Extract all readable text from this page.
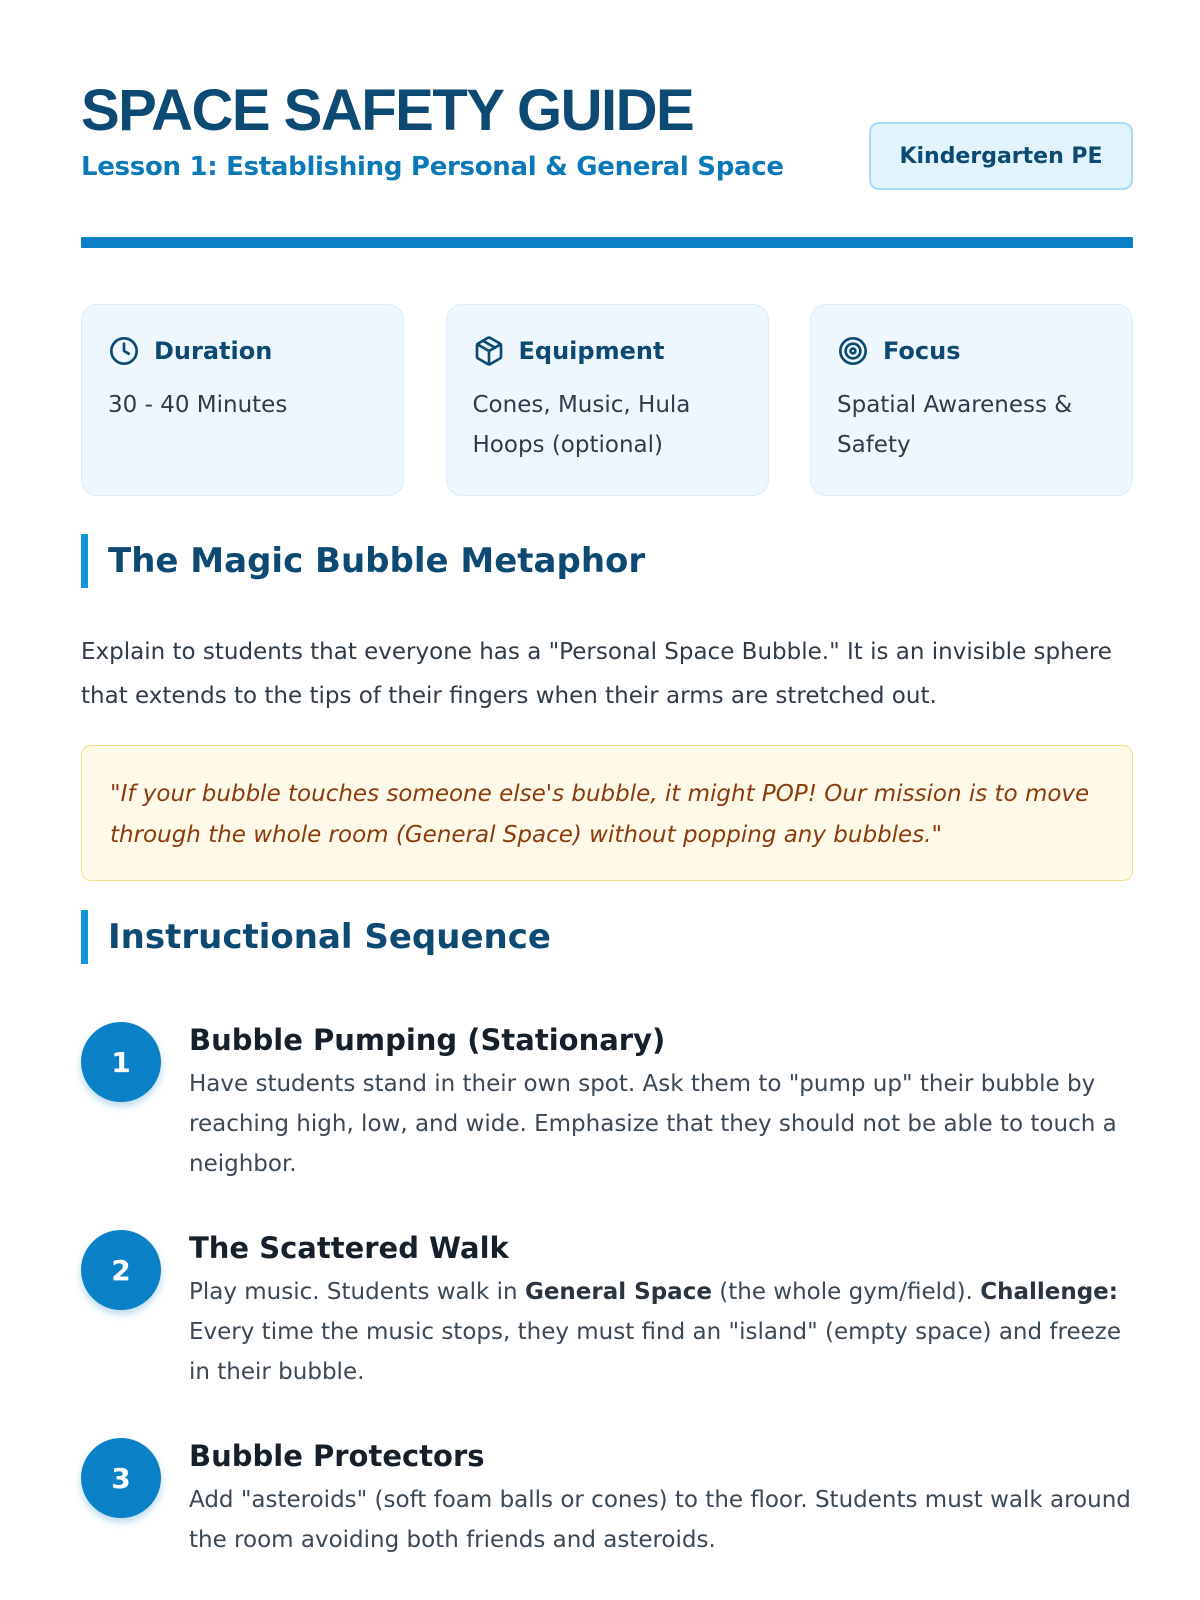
SPACE SAFETY GUIDE

Lesson 1: Establishing Personal & General Space	Kindergarten PE
Duration
30 - 40 Minutes
Equipment
Cones, Music, Hula Hoops (optional)
Focus
Spatial Awareness & Safety
The Magic Bubble Metaphor

Explain to students that everyone has a "Personal Space Bubble." It is an invisible sphere that extends to the tips of their fingers when their arms are stretched out.

"If your bubble touches someone else's bubble, it might POP! Our mission is to move through the whole room (General Space) without popping any bubbles."
Instructional Sequence
1
Bubble Pumping (Stationary)

Have students stand in their own spot. Ask them to "pump up" their bubble by reaching high, low, and wide. Emphasize that they should not be able to touch a neighbor.

2
The Scattered Walk

Play music. Students walk in General Space (the whole gym/field). Challenge: Every time the music stops, they must find an "island" (empty space) and freeze in their bubble.

3
Bubble Protectors

Add "asteroids" (soft foam balls or cones) to the floor. Students must walk around the room avoiding both friends and asteroids.
